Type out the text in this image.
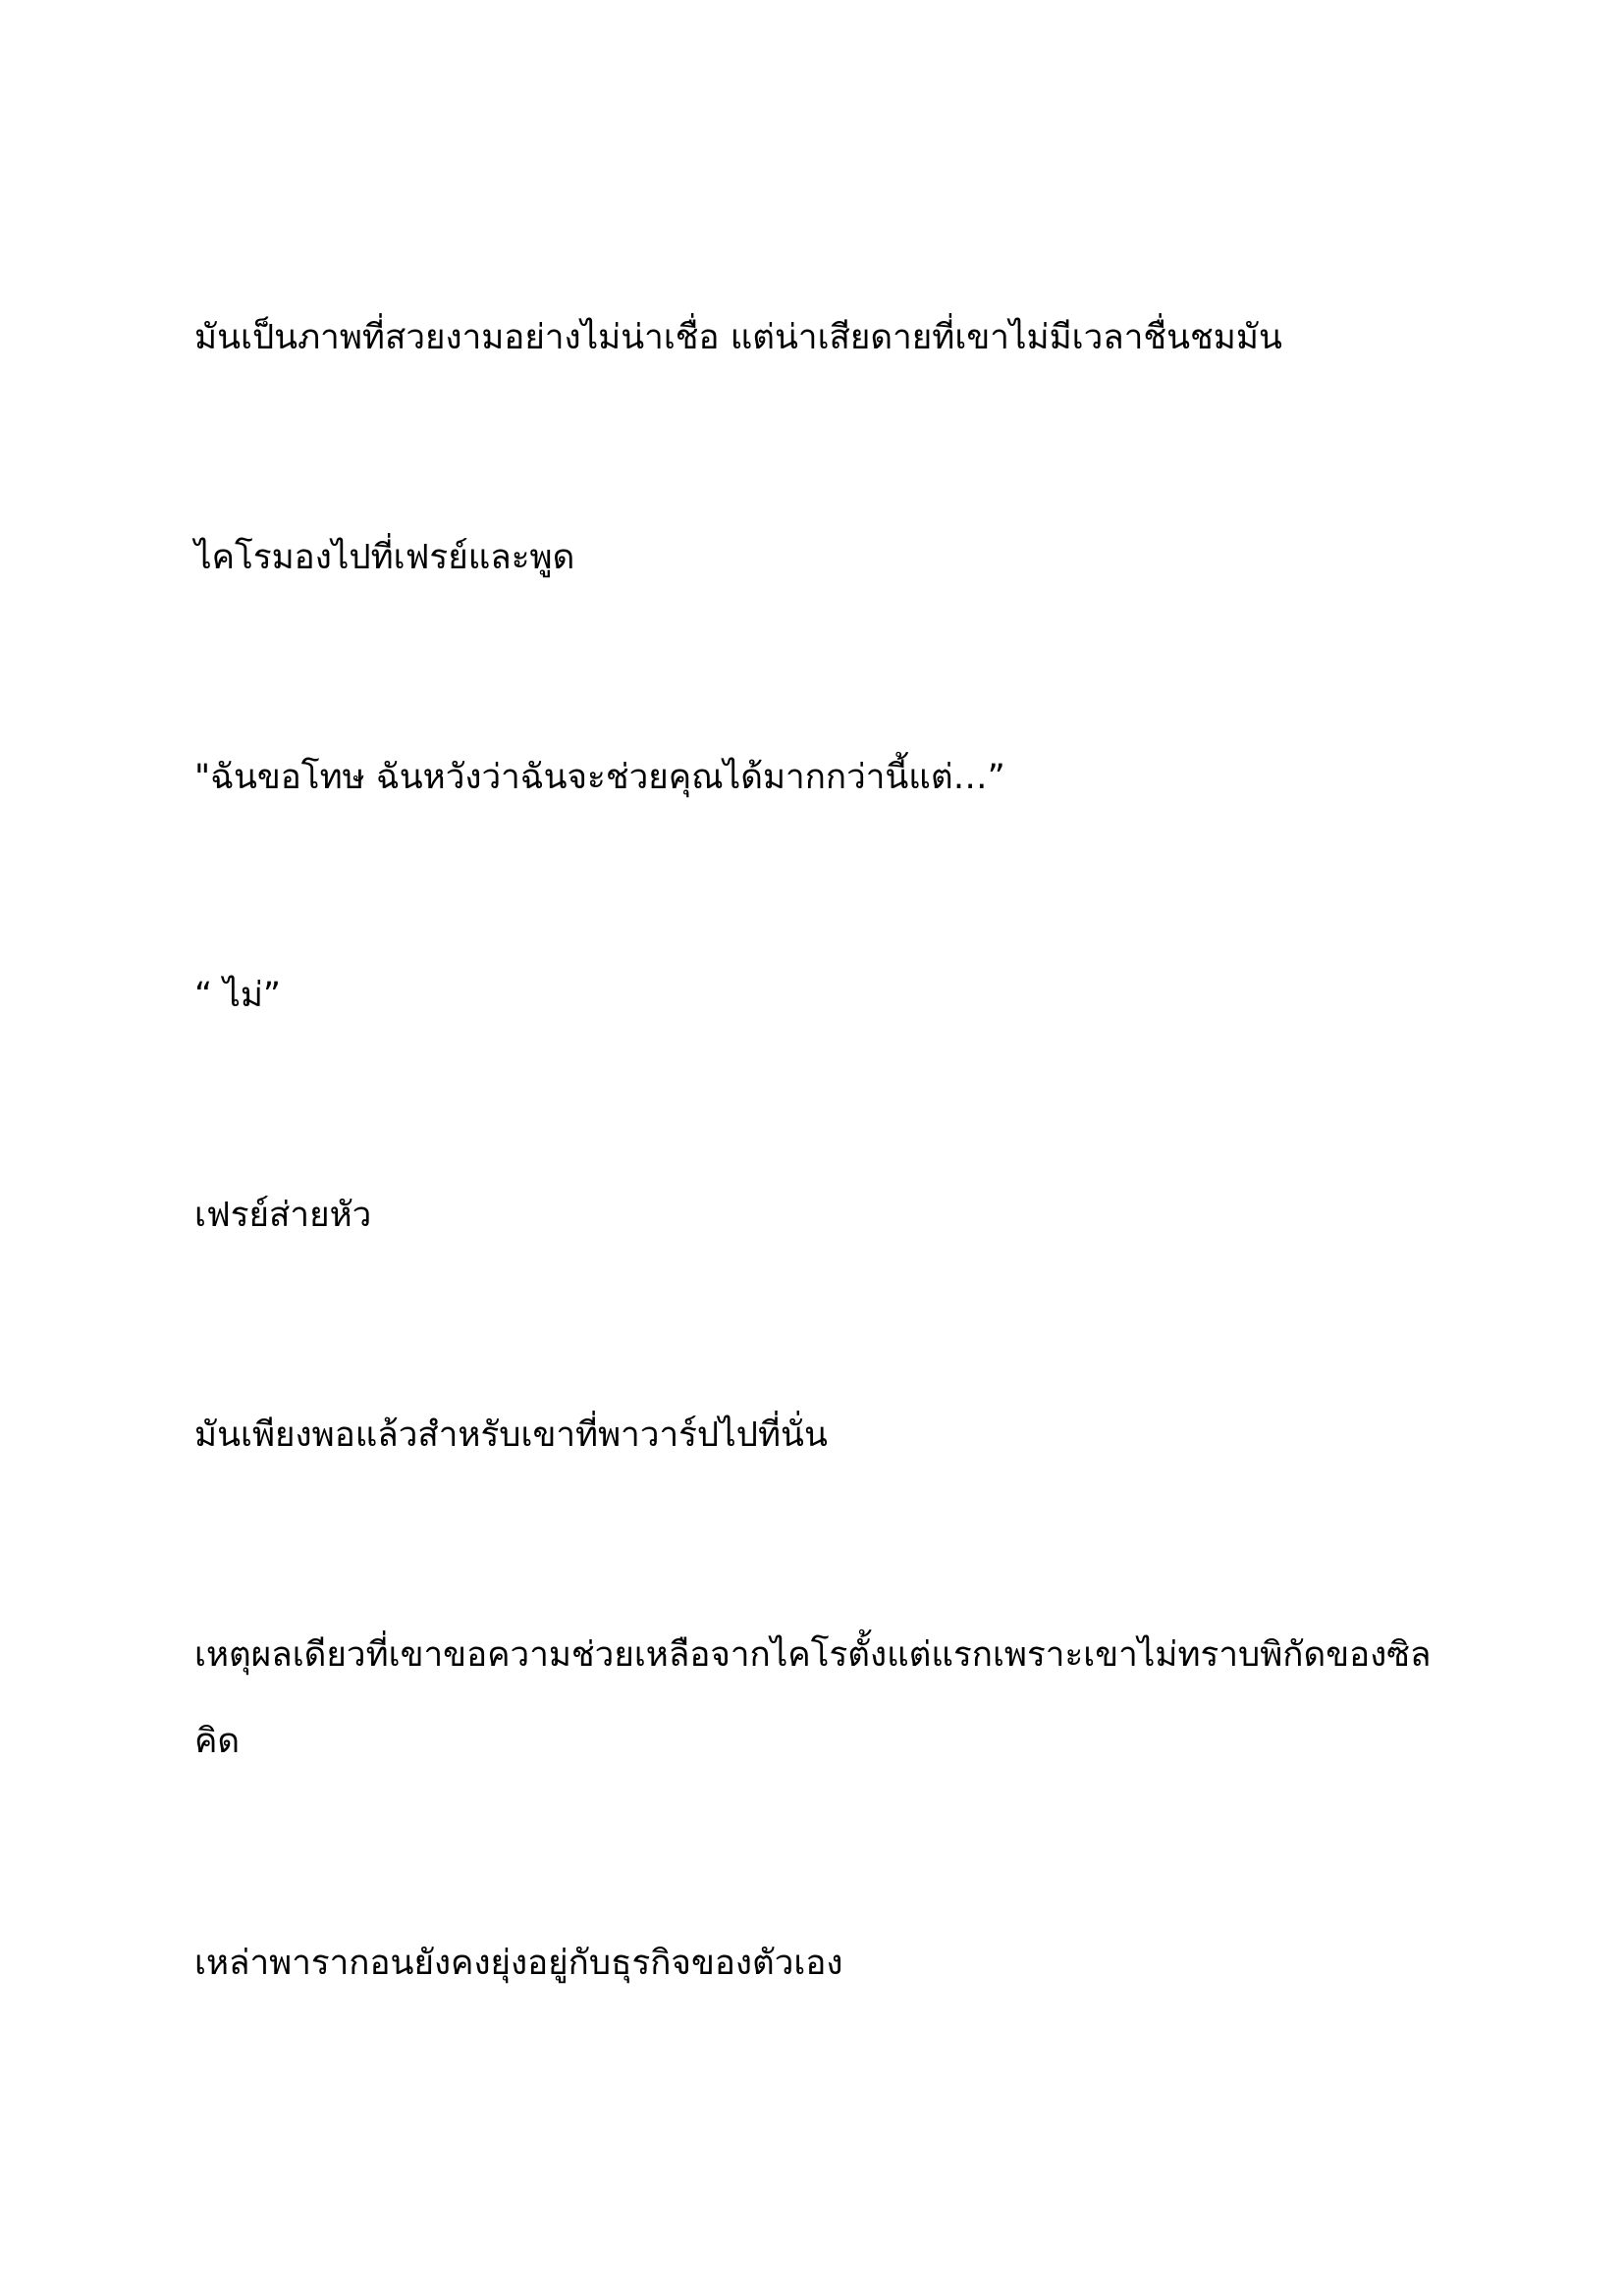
มันเป็นภาพที่สวยงามอย่างไม่น่าเชื่อ แต่น่าเสียดายที่เขาไม่มีเวลาชื่นชมมัน

ไคโรมองไปที่เฟรย์และพูด

"ฉันขอโทษ ฉันหวังว่าฉันจะช่วยคุณได้มากกว่านี้แต่…”

“ ไม่”

เฟรย์ส่ายหัว

มันเพียงพอแล้วสำหรับเขาที่พาวาร์ปไปที่นั่น

เหตุผลเดียวที่เขาขอความช่วยเหลือจากไคโรตั้งแต่แรกเพราะเขาไม่ทราบพิกัดของซิลคิด

เหล่าพารากอนยังคงยุ่งอยู่กับธุรกิจของตัวเอง
